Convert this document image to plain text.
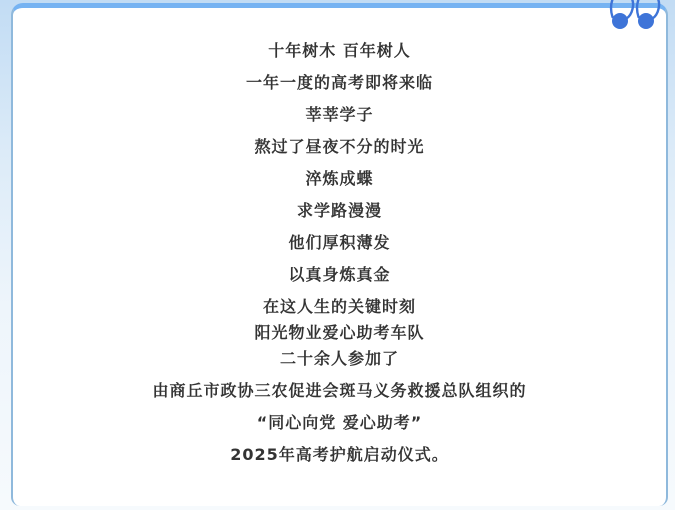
十年树木 百年树人

一年一度的高考即将来临

莘莘学子

熬过了昼夜不分的时光

淬炼成蝶

求学路漫漫

他们厚积薄发

以真身炼真金

在这人生的关键时刻

阳光物业爱心助考车队

二十余人参加了

由商丘市政协三农促进会斑马义务救援总队组织的

“同心向党 爱心助考”

2025年高考护航启动仪式。
